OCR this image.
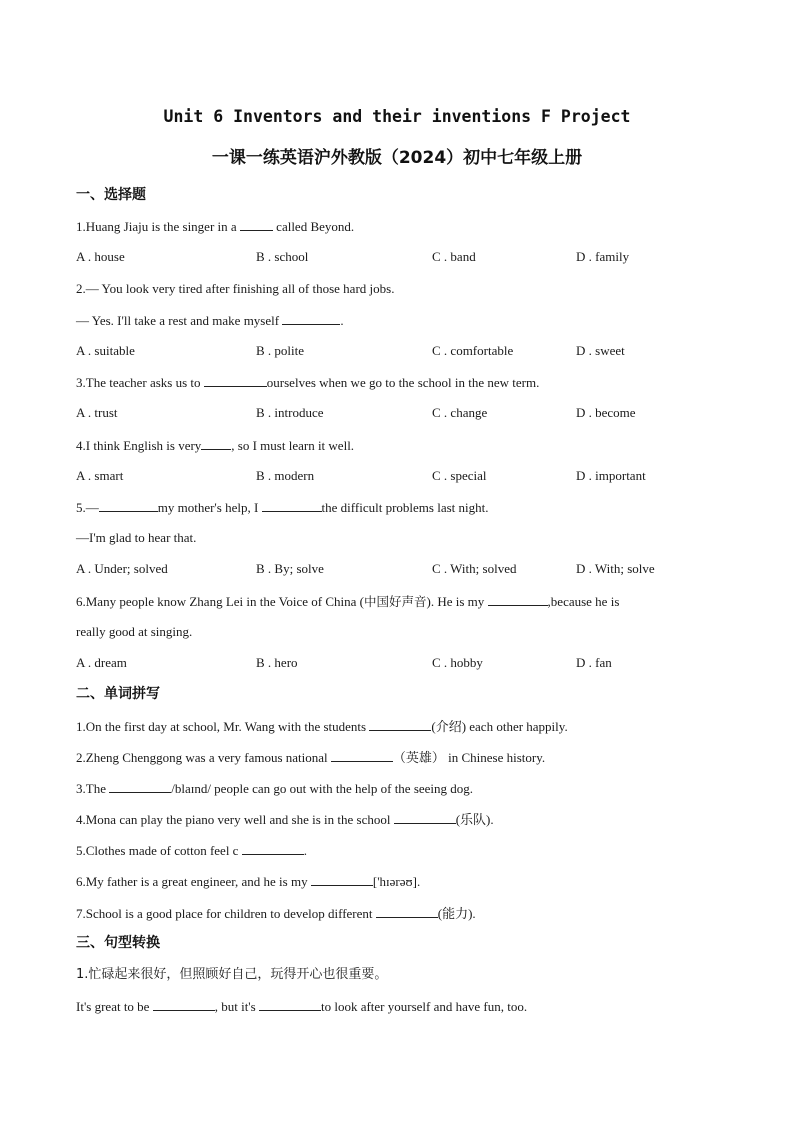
Unit 6 Inventors and their inventions F Project
一课一练英语沪外教版（2024）初中七年级上册
一、选择题
1.Huang Jiaju is the singer in a	called Beyond.
A . house	B . school	C . band	D . family
2.— You look very tired after finishing all of those hard jobs.
— Yes. I'll take a rest and make myself	.
A . suitable	B . polite	C . comfortable	D . sweet
3.The teacher asks us to	ourselves when we go to the school in the new term.
A . trust	B . introduce	C . change	D . become
4.I think English is very , so I must learn it well.
A . smart	B . modern	C . special	D . important
5.—	my mother's help, I	the difficult problems last night.
—I'm glad to hear that.
A . Under; solved	B . By; solve	C . With; solved	D . With; solve
6.Many people know Zhang Lei in the Voice of China (中国好声音). He is my	,because he is
really good at singing.
A . dream	B . hero	C . hobby	D . fan
二、单词拼写
1.On the first day at school, Mr. Wang with the students	(介绍) each other happily.
2.Zheng Chenggong was a very famous national	（英雄） in Chinese history.
3.The	/blaɪnd/ people can go out with the help of the seeing dog.
4.Mona can play the piano very well and she is in the school	(乐队).
5.Clothes made of cotton feel c	.
6.My father is a great engineer, and he is my	['hɪərəʊ].
7.School is a good place for children to develop different	(能力).
三、句型转换
1.忙碌起来很好，但照顾好自己，玩得开心也很重要。
It's great to be	, but it's	to look after yourself and have fun, too.
